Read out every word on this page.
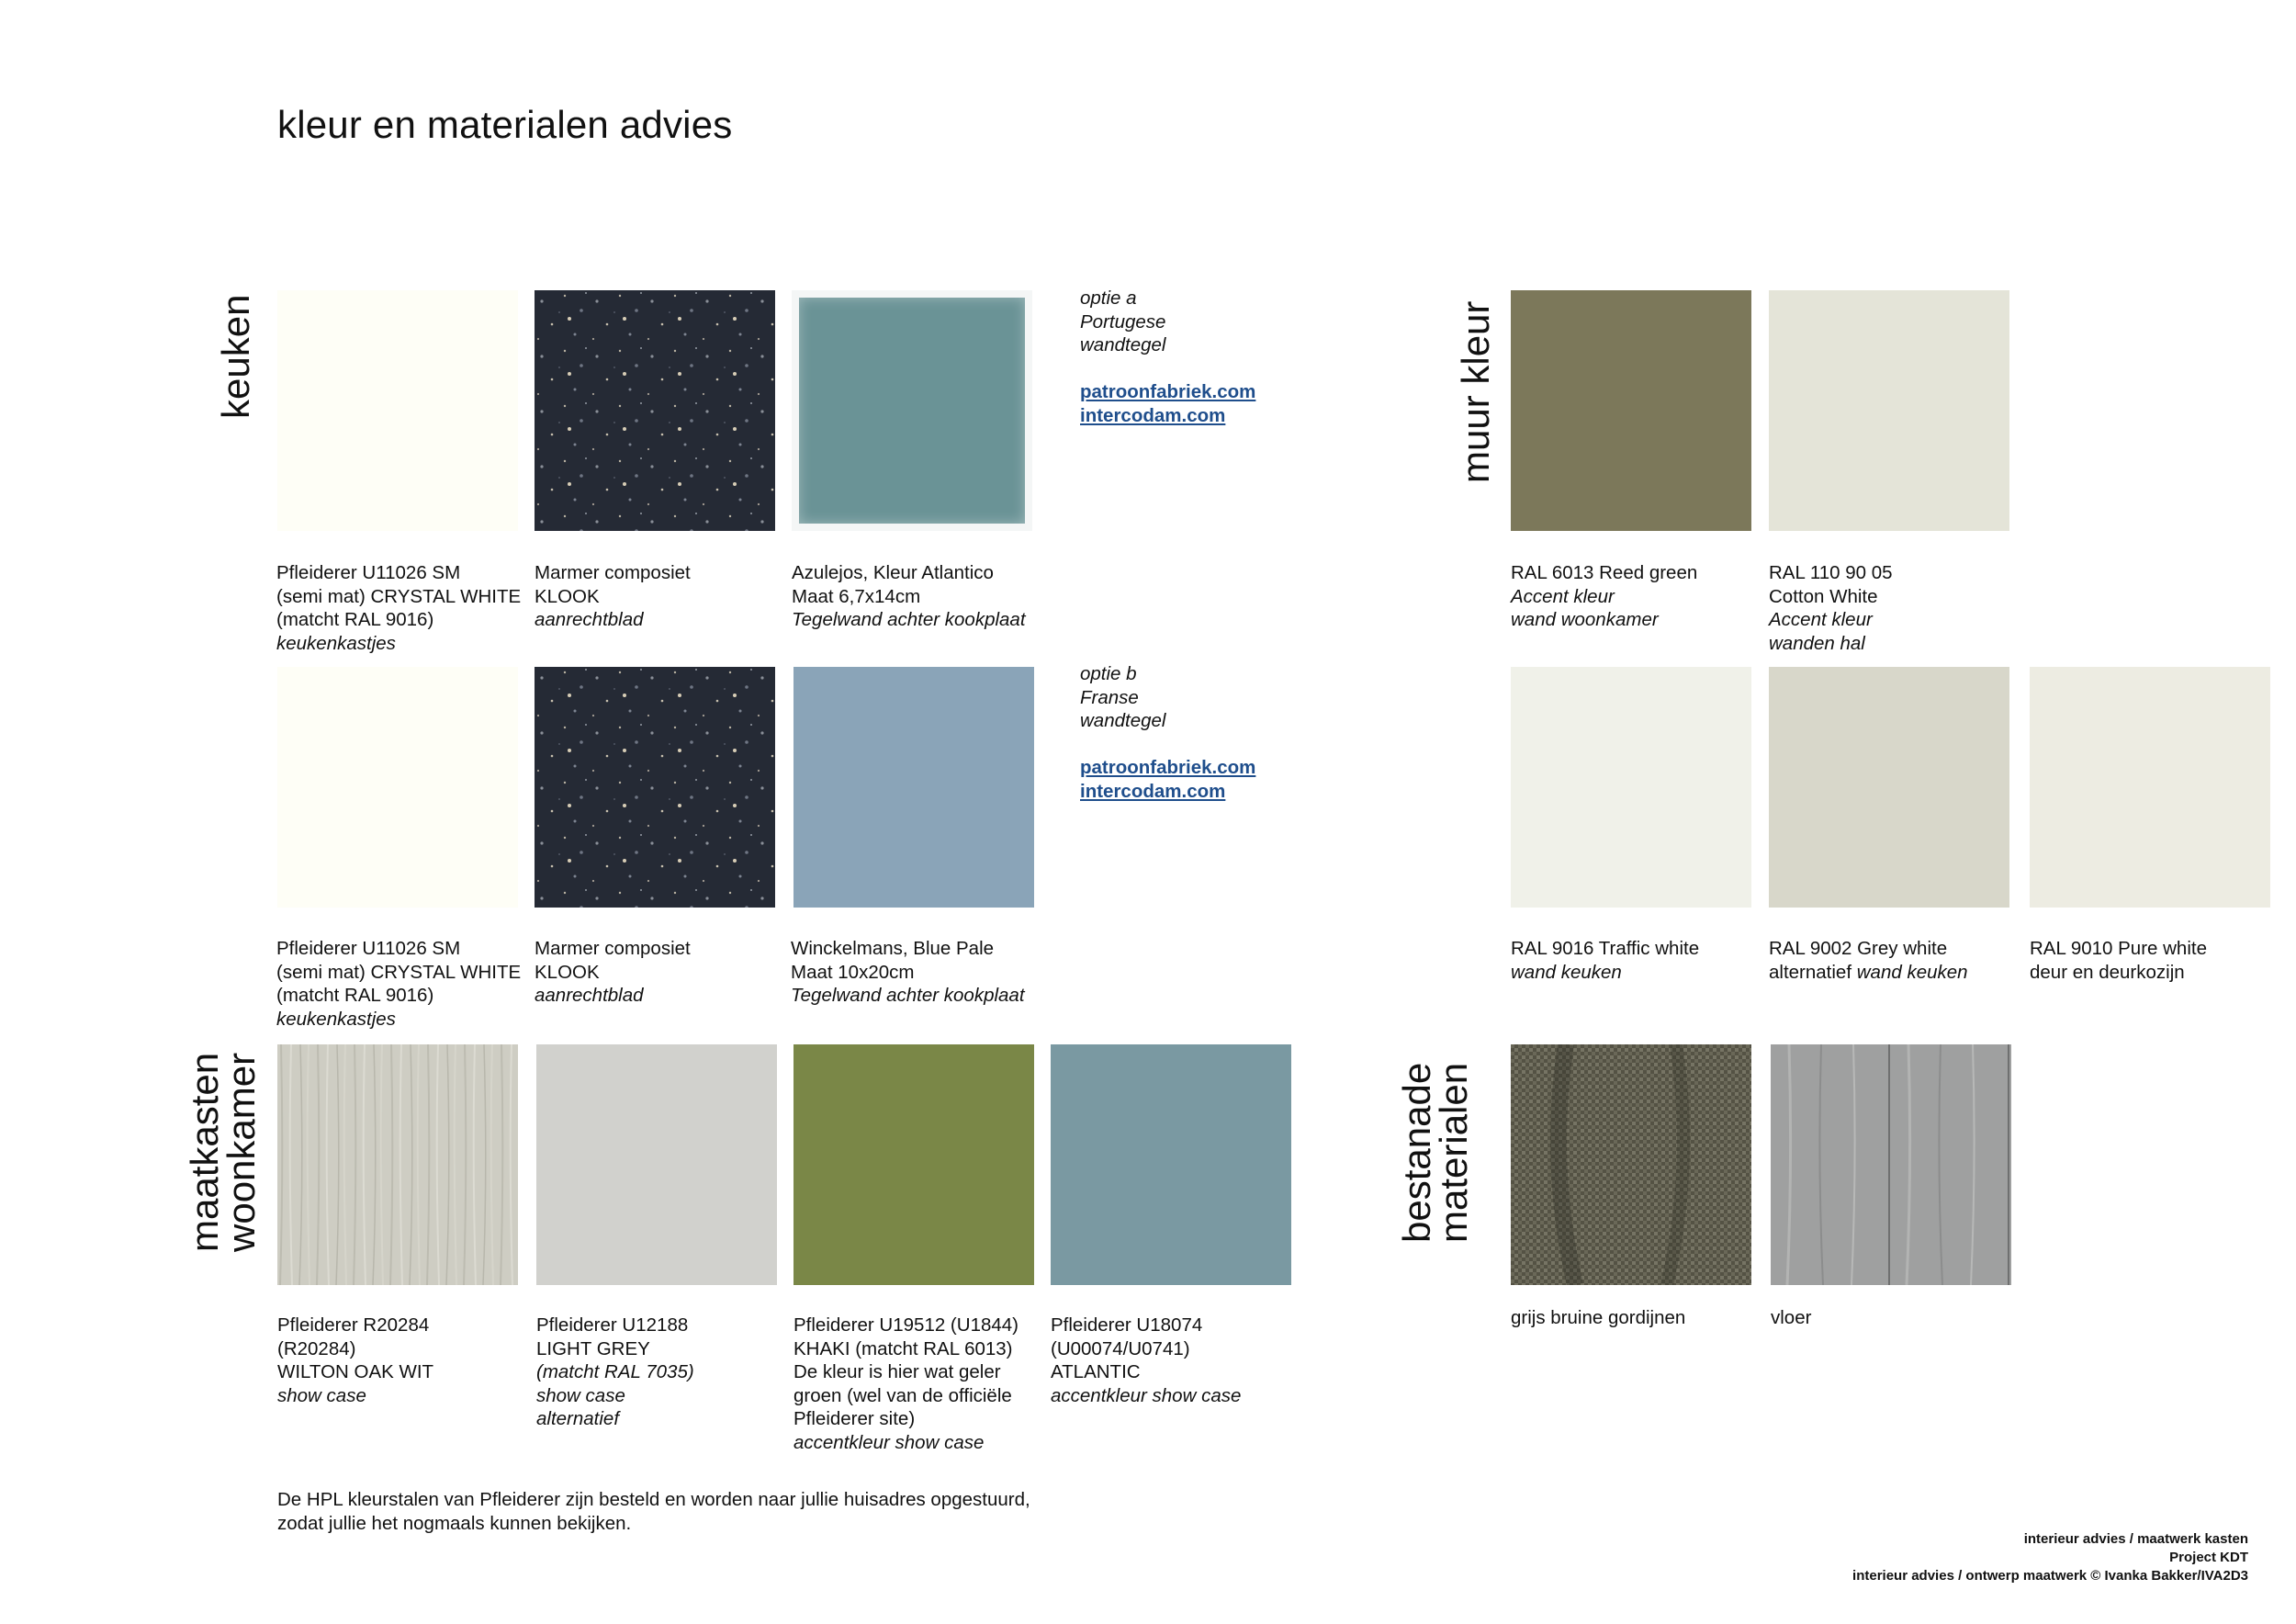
kleur en materialen advies
keuken	muur kleur
maatkasten
woonkamer	bestanade
materialen
optie a
Portugese
wandtegel
patroonfabriek.com
intercodam.com
Pfleiderer U11026 SM
(semi mat) CRYSTAL WHITE
(matcht RAL 9016)
keukenkastjes
Marmer composiet
KLOOK
aanrechtblad
Azulejos, Kleur Atlantico
Maat 6,7x14cm
Tegelwand achter kookplaat
optie b
Franse
wandtegel
patroonfabriek.com
intercodam.com
Pfleiderer U11026 SM
(semi mat) CRYSTAL WHITE
(matcht RAL 9016)
keukenkastjes
Marmer composiet
KLOOK
aanrechtblad
Winckelmans, Blue Pale
Maat 10x20cm
Tegelwand achter kookplaat
RAL 6013 Reed green
Accent kleur
wand woonkamer
RAL 110 90 05
Cotton White
Accent kleur
wanden hal
RAL 9016 Traffic white
wand keuken
RAL 9002 Grey white
alternatief wand keuken
RAL 9010 Pure white
deur en deurkozijn
Pfleiderer R20284
(R20284)
WILTON OAK WIT
show case
Pfleiderer U12188
LIGHT GREY
(matcht RAL 7035)
show case
alternatief
Pfleiderer U19512 (U1844)
KHAKI (matcht RAL 6013)
De kleur is hier wat geler
groen (wel van de officiële
Pfleiderer site)
accentkleur show case
Pfleiderer U18074
(U00074/U0741)
ATLANTIC
accentkleur show case
grijs bruine gordijnen	vloer
De HPL kleurstalen van Pfleiderer zijn besteld en worden naar jullie huisadres opgestuurd,
zodat jullie het nogmaals kunnen bekijken.
interieur advies / maatwerk kasten
Project KDT
interieur advies / ontwerp maatwerk © Ivanka Bakker/IVA2D3
